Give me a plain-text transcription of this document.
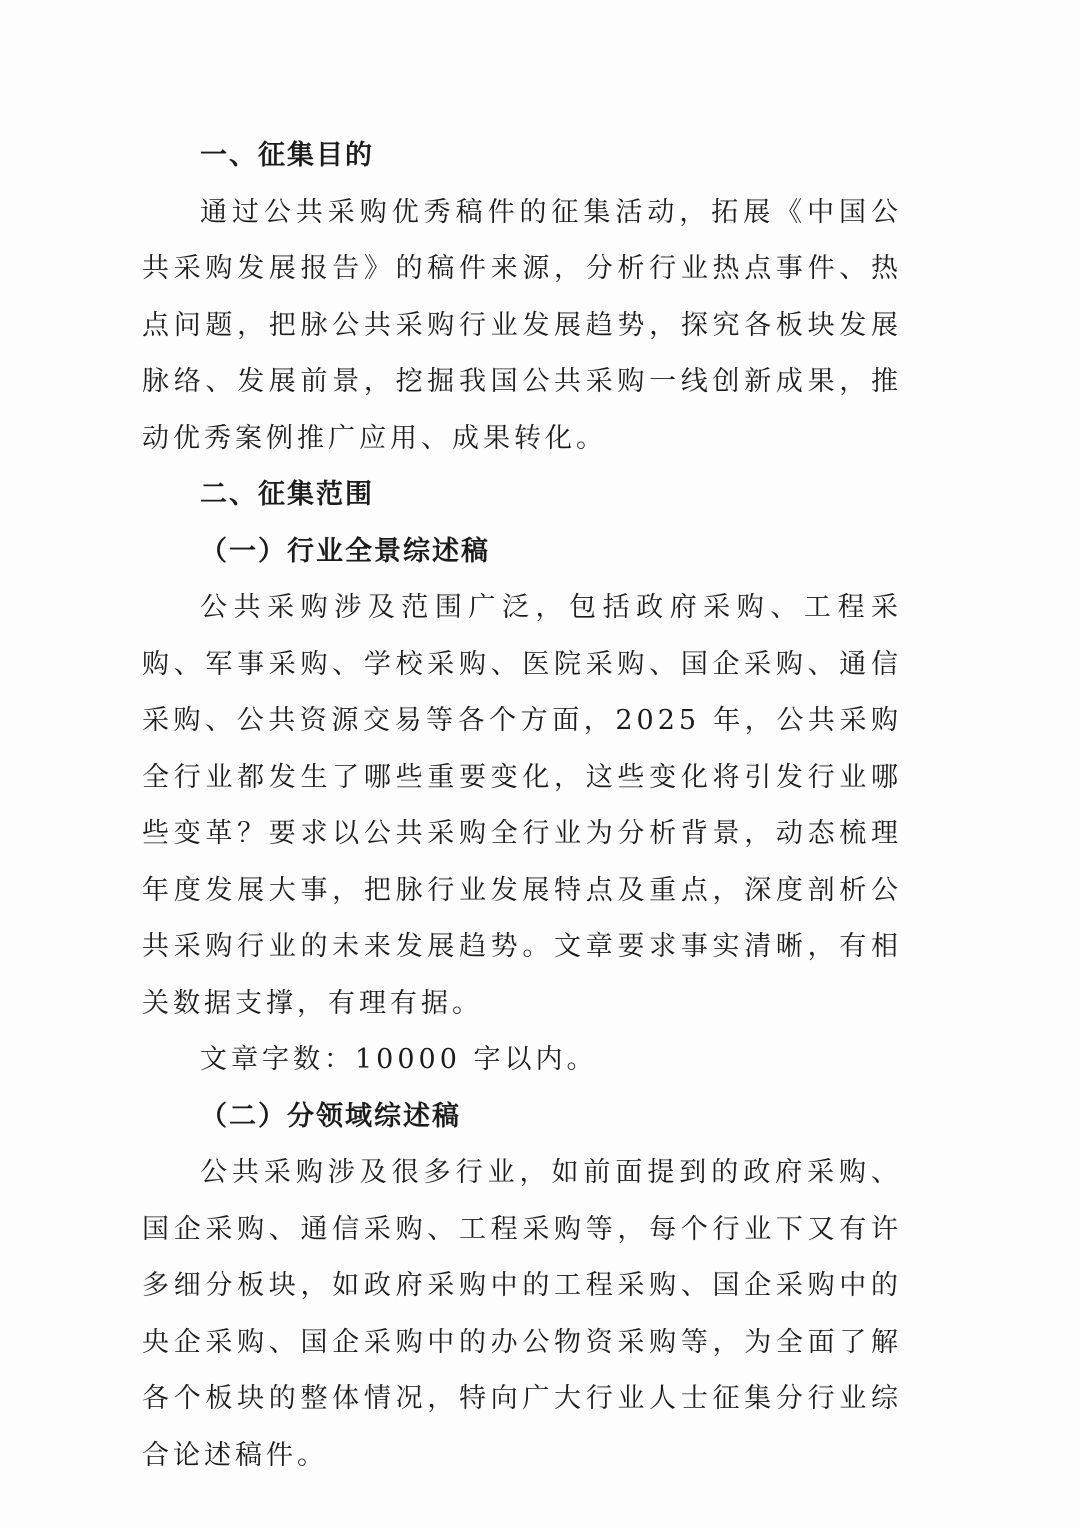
一、征集目的

通过公共采购优秀稿件的征集活动，拓展《中国公共采购发展报告》的稿件来源，分析行业热点事件、热点问题，把脉公共采购行业发展趋势，探究各板块发展脉络、发展前景，挖掘我国公共采购一线创新成果，推动优秀案例推广应用、成果转化。

二、征集范围
（一）行业全景综述稿

公共采购涉及范围广泛，包括政府采购、工程采购、军事采购、学校采购、医院采购、国企采购、通信采购、公共资源交易等各个方面，2025 年，公共采购全行业都发生了哪些重要变化，这些变化将引发行业哪些变革？要求以公共采购全行业为分析背景，动态梳理年度发展大事，把脉行业发展特点及重点，深度剖析公共采购行业的未来发展趋势。文章要求事实清晰，有相关数据支撑，有理有据。

文章字数：10000 字以内。

（二）分领域综述稿

公共采购涉及很多行业，如前面提到的政府采购、国企采购、通信采购、工程采购等，每个行业下又有许多细分板块，如政府采购中的工程采购、国企采购中的央企采购、国企采购中的办公物资采购等，为全面了解各个板块的整体情况，特向广大行业人士征集分行业综合论述稿件。
